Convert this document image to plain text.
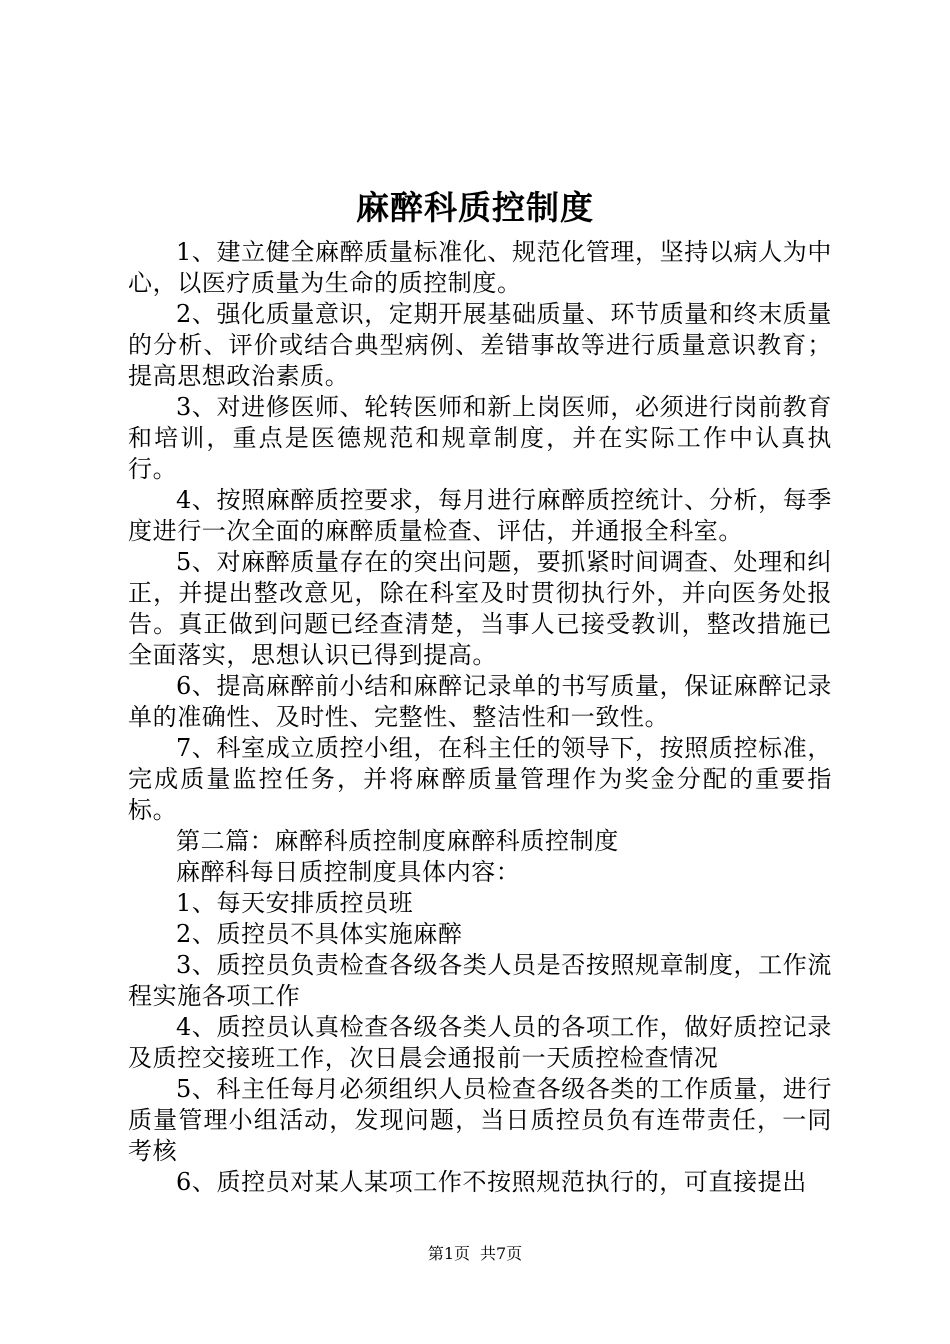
麻醉科质控制度

1、建立健全麻醉质量标准化、规范化管理，坚持以病人为中心，以医疗质量为生命的质控制度。

2、强化质量意识，定期开展基础质量、环节质量和终末质量的分析、评价或结合典型病例、差错事故等进行质量意识教育；提高思想政治素质。

3、对进修医师、轮转医师和新上岗医师，必须进行岗前教育和培训，重点是医德规范和规章制度，并在实际工作中认真执行。

4、按照麻醉质控要求，每月进行麻醉质控统计、分析，每季度进行一次全面的麻醉质量检查、评估，并通报全科室。

5、对麻醉质量存在的突出问题，要抓紧时间调查、处理和纠正，并提出整改意见，除在科室及时贯彻执行外，并向医务处报告。真正做到问题已经查清楚，当事人已接受教训，整改措施已全面落实，思想认识已得到提高。

6、提高麻醉前小结和麻醉记录单的书写质量，保证麻醉记录单的准确性、及时性、完整性、整洁性和一致性。

7、科室成立质控小组，在科主任的领导下，按照质控标准，完成质量监控任务，并将麻醉质量管理作为奖金分配的重要指标。

第二篇：麻醉科质控制度麻醉科质控制度

麻醉科每日质控制度具体内容：

1、每天安排质控员班

2、质控员不具体实施麻醉

3、质控员负责检查各级各类人员是否按照规章制度，工作流程实施各项工作

4、质控员认真检查各级各类人员的各项工作，做好质控记录及质控交接班工作，次日晨会通报前一天质控检查情况

5、科主任每月必须组织人员检查各级各类的工作质量，进行质量管理小组活动，发现问题，当日质控员负有连带责任，一同考核

6、质控员对某人某项工作不按照规范执行的，可直接提出

第1页 共7页
